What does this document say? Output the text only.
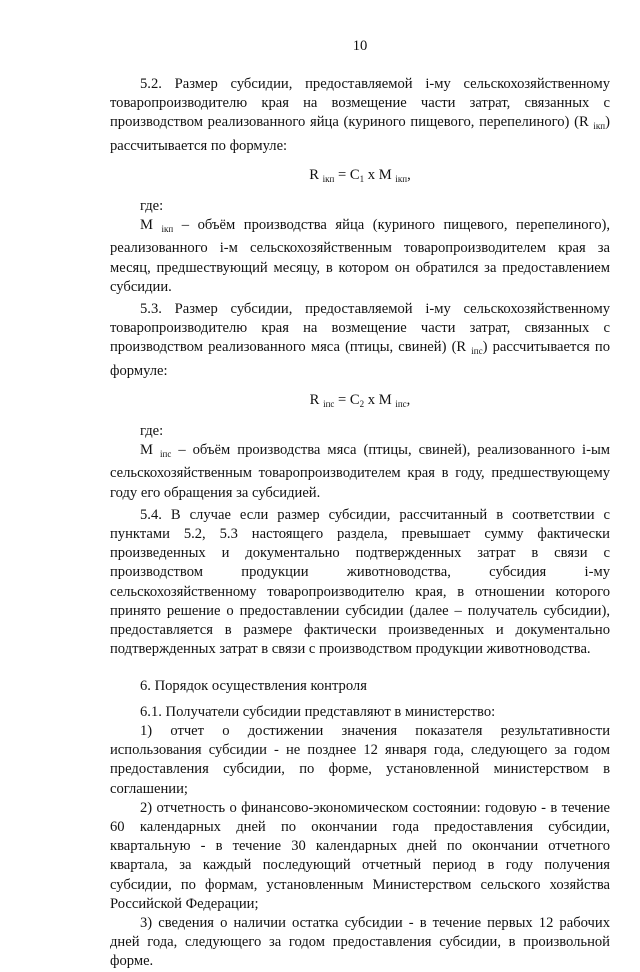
10

5.2. Размер субсидии, предоставляемой i-му сельскохозяйственному товаропроизводителю края на возмещение части затрат, связанных с производством реализованного яйца (куриного пищевого, перепелиного) (R $_{iкп}$) рассчитывается по формуле:

R $_{iкп} = C_1$ x M $_{iкп}$,

где:

M $_{iкп}$ – объём производства яйца (куриного пищевого, перепелиного), реализованного i-м сельскохозяйственным товаропроизводителем края за месяц, предшествующий месяцу, в котором он обратился за предоставлением субсидии.

5.3. Размер субсидии, предоставляемой i-му сельскохозяйственному товаропроизводителю края на возмещение части затрат, связанных с производством реализованного мяса (птицы, свиней) (R $_{iпс}$) рассчитывается по формуле:

R $_{iпс} = C_2$ x M $_{iпс}$,

где:

M $_{iпс}$ – объём производства мяса (птицы, свиней), реализованного i-ым сельскохозяйственным товаропроизводителем края в году, предшествующему году его обращения за субсидией.

5.4. В случае если размер субсидии, рассчитанный в соответствии с пунктами 5.2, 5.3 настоящего раздела, превышает сумму фактически произведенных и документально подтвержденных затрат в связи с производством продукции животноводства, субсидия i-му сельскохозяйственному товаропроизводителю края, в отношении которого принято решение о предоставлении субсидии (далее – получатель субсидии), предоставляется в размере фактически произведенных и документально подтвержденных затрат в связи с производством продукции животноводства.

6. Порядок осуществления контроля

6.1. Получатели субсидии представляют в министерство:

1) отчет о достижении значения показателя результативности использования субсидии - не позднее 12 января года, следующего за годом предоставления субсидии, по форме, установленной министерством в соглашении;

2) отчетность о финансово-экономическом состоянии: годовую - в течение 60 календарных дней по окончании года предоставления субсидии, квартальную - в течение 30 календарных дней по окончании отчетного квартала, за каждый последующий отчетный период в году получения субсидии, по формам, установленным Министерством сельского хозяйства Российской Федерации;

3) сведения о наличии остатка субсидии - в течение первых 12 рабочих дней года, следующего за годом предоставления субсидии, в произвольной форме.
